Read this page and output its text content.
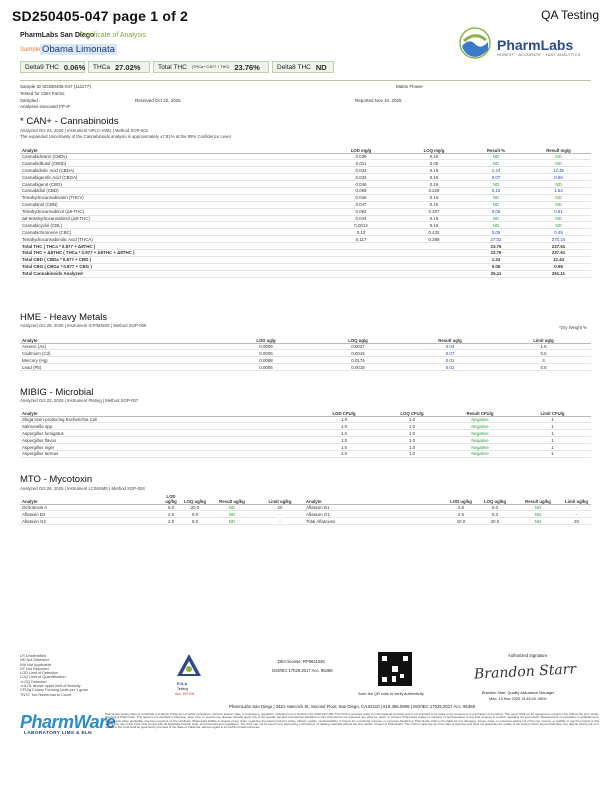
SD250405-047 page 1 of 2	QA Testing
PharmLabs San Diego
Certificate of Analysis
Sample Obama Limonata	PharmLabs
HONEST · ACCURATE · FAST ANALYTICS
Delta9 THC 0.06% THCa 27.02%	Total THC (THCa * 0.877 + THC) 23.76%	Delta8 THC ND
Sample ID SD250405-047 (111177)	Matrix Flower
Tested for CBH Farms
Sampled -	Received Oct 22, 2025	Reported Nov 10, 2025
Analyses executed FP-IF
* CAN+ - Cannabinoids
Analyzed Oct 23, 2025 | Instrument HPLC-VWD | Method SOP-001
The expanded Uncertainty of the Cannabinoids analysis is approximately ±7.81% at the 95% Confidence Level
Analyte	LOD mg/g	LOQ mg/g	Result %	Result mg/g
Cannabidivarin (CBDv)	0.039	0.16	ND	ND
Cannabidbutol (CBDb)	0.011	0.05	ND	ND
Cannabidiolic Acid (CBDA)	0.033	0.16	1.24	12.45
Cannabigerolic Acid (CBGA)	0.033	0.16	0.07	0.66
Cannabigerol (CBG)	0.046	0.16	ND	ND
Cannabidiol (CBD)	0.069	0.229	0.15	1.52
Tetrahydrocannabivarin (THCV)	0.045	0.16	ND	ND
Cannabinol (CBN)	0.047	0.16	ND	ND
Tetrahydrocannabinol (Δ9-THC)	0.092	0.307	0.06	0.61
Δ8-tetrahydrocannabinol (Δ8-THC)	0.044	0.16	ND	ND
Cannabicyclol (CBL)	0.0013	0.16	ND	ND
Cannabichromene (CBC)	0.13	0.432	0.05	0.49
Tetrahydrocannabinolic Acid (THCA)	0.117	0.389	27.02	270.24
Total THC ( THCa * 0.877 + Δ9THC )			23.76	237.61
Total THC + Δ8THC ( THCa * 0.877 + Δ9THC + Δ8THC )			23.76	237.61
Total CBD ( CBDa * 0.877 + CBD )			1.24	12.44
Total CBG ( CBGa * 0.877 + CBG )			0.06	0.58
Total Cannabinoids Analyzed			25.11	251.11
*Dry Weight %
HME - Heavy Metals
Analyzed Oct 29, 2025 | Instrument ICP/MSMS | Method SOP-005
Analyte	LOD ug/g	LOQ ug/g	Result ug/g	Limit ug/g
Arsenic (As)	0.0009	0.0027	0.03	1.5
Cadmium (Cd)	0.0005	0.0015	0.07	0.5
Mercury (Hg)	0.0058	0.0174	0.01	3
Lead (Pb)	0.0006	0.0018	0.02	0.5
MIBIG - Microbial
Analyzed Oct 22, 2025 | Instrument Plating | Method SOP-007
Analyte	LOD CFU/g	LOQ CFU/g	Result CFU/g	Limit CFU/g
Shiga toxin-producing Escherichia Coli	1.0	1.0	Negative	1
Salmonella spp.	1.0	1.0	Negative	1
Aspergillus fumigatus	1.0	1.0	Negative	1
Aspergillus flavus	1.0	1.0	Negative	1
Aspergillus niger	1.0	1.0	Negative	1
Aspergillus terreus	1.0	1.0	Negative	1
MTO - Mycotoxin
Analyzed Oct 28, 2025 | Instrument LC/MSMS | Method SOP-004
Analyte	LOD ug/kg	LOQ ug/kg	Result ug/kg	Limit ug/kg	Analyte	LOD ug/kg	LOQ ug/kg	Result ug/kg	Limit ug/kg
Ochratoxin A	5.0	20.0	ND	20	Aflatoxin B1	2.5	5.0	ND	-
Aflatoxin B2	2.5	5.0	ND	-	Aflatoxin G1	2.5	5.0	ND	-
Aflatoxin G2	2.5	5.0	ND	-	Total Aflatoxins	10.0	20.0	ND	20
LR Unidentified
ND Not Detected
N/A Not Applicable
NT Not Reported
LOD Limit of Detection
LOQ Limit of Quantification
<LOQ Detected
>ULOL Above upper limit of linearity
CFU/g Colony Forming Units per 1 gram
TNTC Too Numerous to Count
PharmWare
LABORATORY LIMS & ELN
PJLA
Testing
Acc. #97194
DEA license: RP0611045
ISO/IEC 17025:2017 Acc. 95368
Scan the QR code to verify authenticity.
Authorized Signature
Brandon Starr
Brandon Starr, Quality Assurance Manager
Mon, 10 Nov 2025 14:45:20 -0800
PharmLabs San Diego | 3421 Hancock St, Second Floor, San Diego, CA 92110 | 619.356.0899 | ISO/IEC 17025:2017 Acc. 95368
PharmLabs hereby does its Certificate of Analysis (COA) as not certify compliance, with any federal, state, or local law or regulation, including but not limited to the 2018 Farm Bill. This COA is provided solely for informational purposes and is not intended to be relied on by consumers or purchasers of a product. This report shall not be reproduced, except in full, without the prior written approval of PharmLabs. This report is not intended to diagnose, treat, cure, or prevent any disease. Results apply only to the specific samples and batches identified on this COA and do not represent any other lot, batch, or product. PharmLabs makes no warranty or representation of any kind, express or implied, regarding the test results. Measurement of uncertainty is available upon request and, when applicable, has been reported on the certificate. PharmLabs liability in respect of any claim, regarding the tested product's safety, efficacy, quality, merchantability, or fitness for a particular purpose, is expressly disclaimed. PharmLabs shall not be liable for any damages, losses, costs, or expenses arising out of the use, misuse, or inability to use the product or this report. Any use of this COA must comply with all applicable federal, state, and local laws and regulations. The COA may not be used in any advertising, promotional, or labeling materials without the prior written consent of PharmLabs. This COA is valid only as of the date of issuance and does not guarantee the quality of the tested product beyond that date. Any dispute arising out of or related to this COA shall be governed by the laws of the State of California, without regard to its conflict of laws principles.
